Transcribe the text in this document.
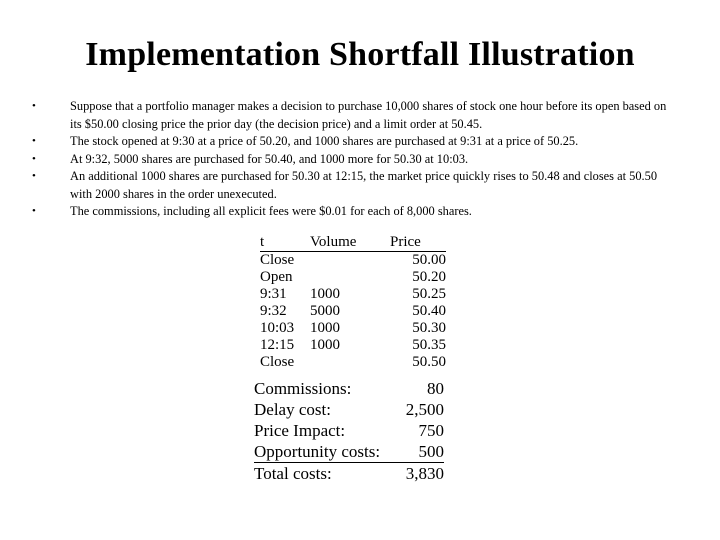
Implementation Shortfall Illustration
•	Suppose that a portfolio manager makes a decision to purchase 10,000 shares of stock one hour before its open based on its $50.00 closing price the prior day (the decision price) and a limit order at 50.45.
•	The stock opened at 9:30 at a price of 50.20, and 1000 shares are purchased at 9:31 at a price of 50.25.
•	At 9:32, 5000 shares are purchased for 50.40, and 1000 more for 50.30 at 10:03.
•	An additional 1000 shares are purchased for 50.30 at 12:15, the market price quickly rises to 50.48 and closes at 50.50 with 2000 shares in the order unexecuted.
•	The commissions, including all explicit fees were $0.01 for each of 8,000 shares.
t	Volume	Price
Close		50.00
Open		50.20
9:31	1000	50.25
9:32	5000	50.40
10:03	1000	50.30
12:15	1000	50.35
Close		50.50
Commissions:	80
Delay cost:	2,500
Price Impact:	750
Opportunity costs: 500
Total costs:	3,830
